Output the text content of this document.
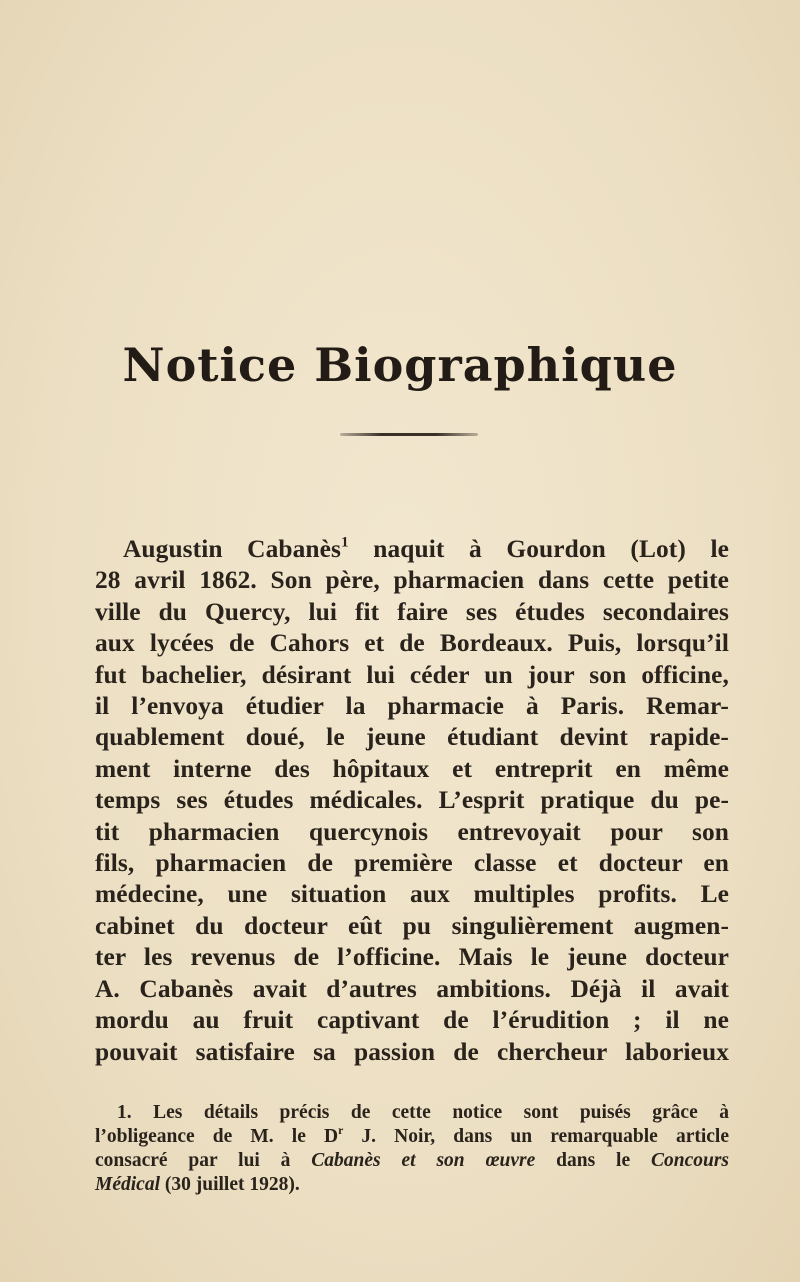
Notice Biographique
Augustin Cabanès$^1$ naquit à Gourdon (Lot) le
28 avril 1862. Son père, pharmacien dans cette petite
ville du Quercy, lui fit faire ses études secondaires
aux lycées de Cahors et de Bordeaux. Puis, lorsqu’il
fut bachelier, désirant lui céder un jour son officine,
il l’envoya étudier la pharmacie à Paris. Remar-
quablement doué, le jeune étudiant devint rapide-
ment interne des hôpitaux et entreprit en même
temps ses études médicales. L’esprit pratique du pe-
tit pharmacien quercynois entrevoyait pour son
fils, pharmacien de première classe et docteur en
médecine, une situation aux multiples profits. Le
cabinet du docteur eût pu singulièrement augmen-
ter les revenus de l’officine. Mais le jeune docteur
A. Cabanès avait d’autres ambitions. Déjà il avait
mordu au fruit captivant de l’érudition ; il ne
pouvait satisfaire sa passion de chercheur laborieux
1. Les détails précis de cette notice sont puisés grâce à
l’obligeance de M. le $D^r$ J. Noir, dans un remarquable article
consacré par lui à Cabanès et son œuvre dans le Concours
Médical (30 juillet 1928).
